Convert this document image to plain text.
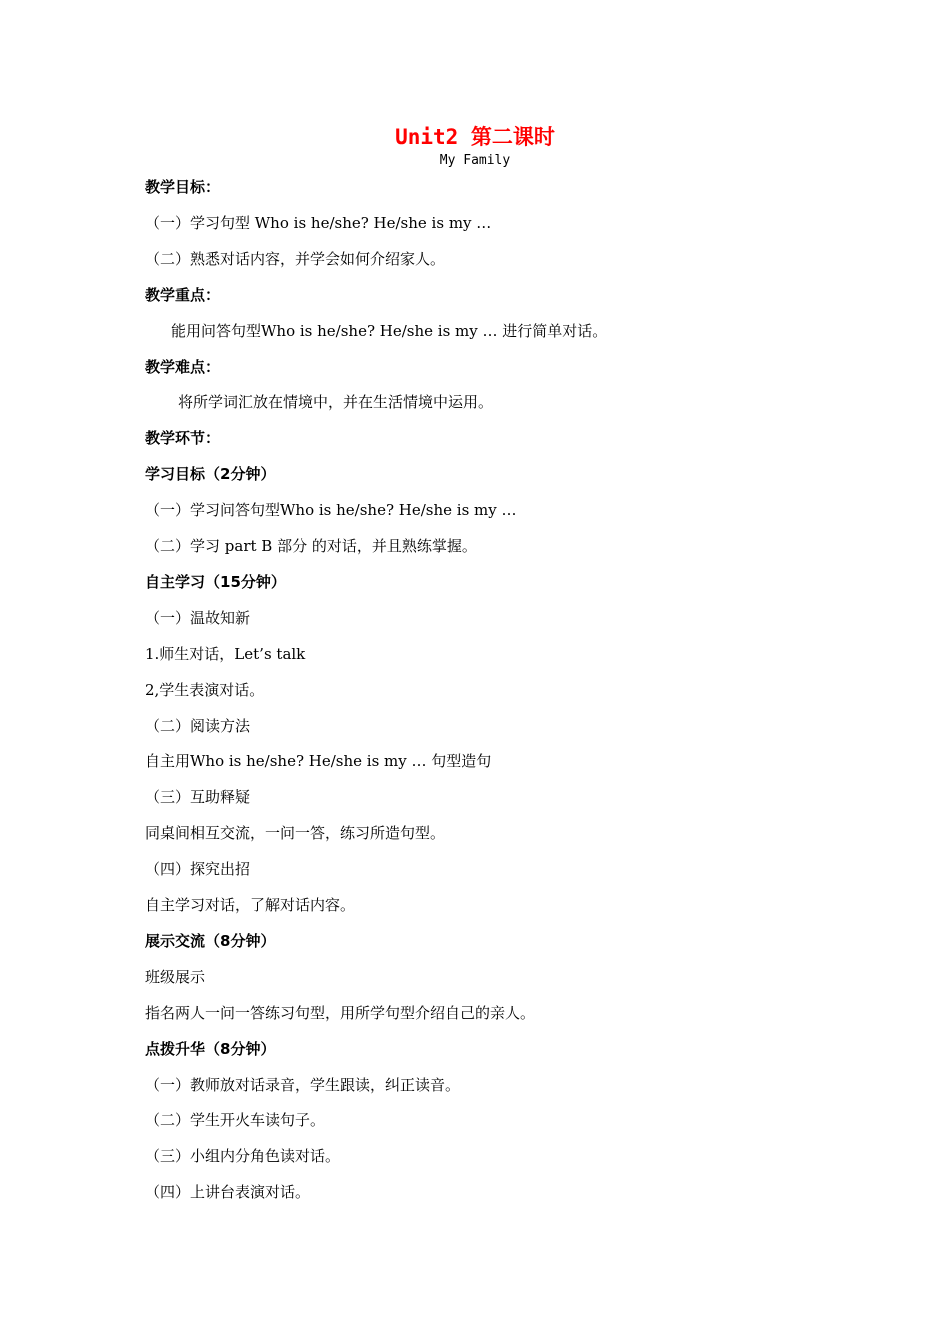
Unit2 第二课时
My Family
教学目标：
（一）学习句型 Who is he/she? He/she is my …
（二）熟悉对话内容，并学会如何介绍家人。
教学重点：
能用问答句型Who is he/she? He/she is my … 进行简单对话。
教学难点：
将所学词汇放在情境中，并在生活情境中运用。
教学环节：
学习目标（2分钟）
（一）学习问答句型Who is he/she? He/she is my …
（二）学习 part B 部分 的对话，并且熟练掌握。
自主学习（15分钟）
（一）温故知新
1.师生对话，Let’s talk
2,学生表演对话。
（二）阅读方法
自主用Who is he/she? He/she is my … 句型造句
（三）互助释疑
同桌间相互交流，一问一答，练习所造句型。
（四）探究出招
自主学习对话，了解对话内容。
展示交流（8分钟）
班级展示
指名两人一问一答练习句型，用所学句型介绍自己的亲人。
点拨升华（8分钟）
（一）教师放对话录音，学生跟读，纠正读音。
（二）学生开火车读句子。
（三）小组内分角色读对话。
（四）上讲台表演对话。
